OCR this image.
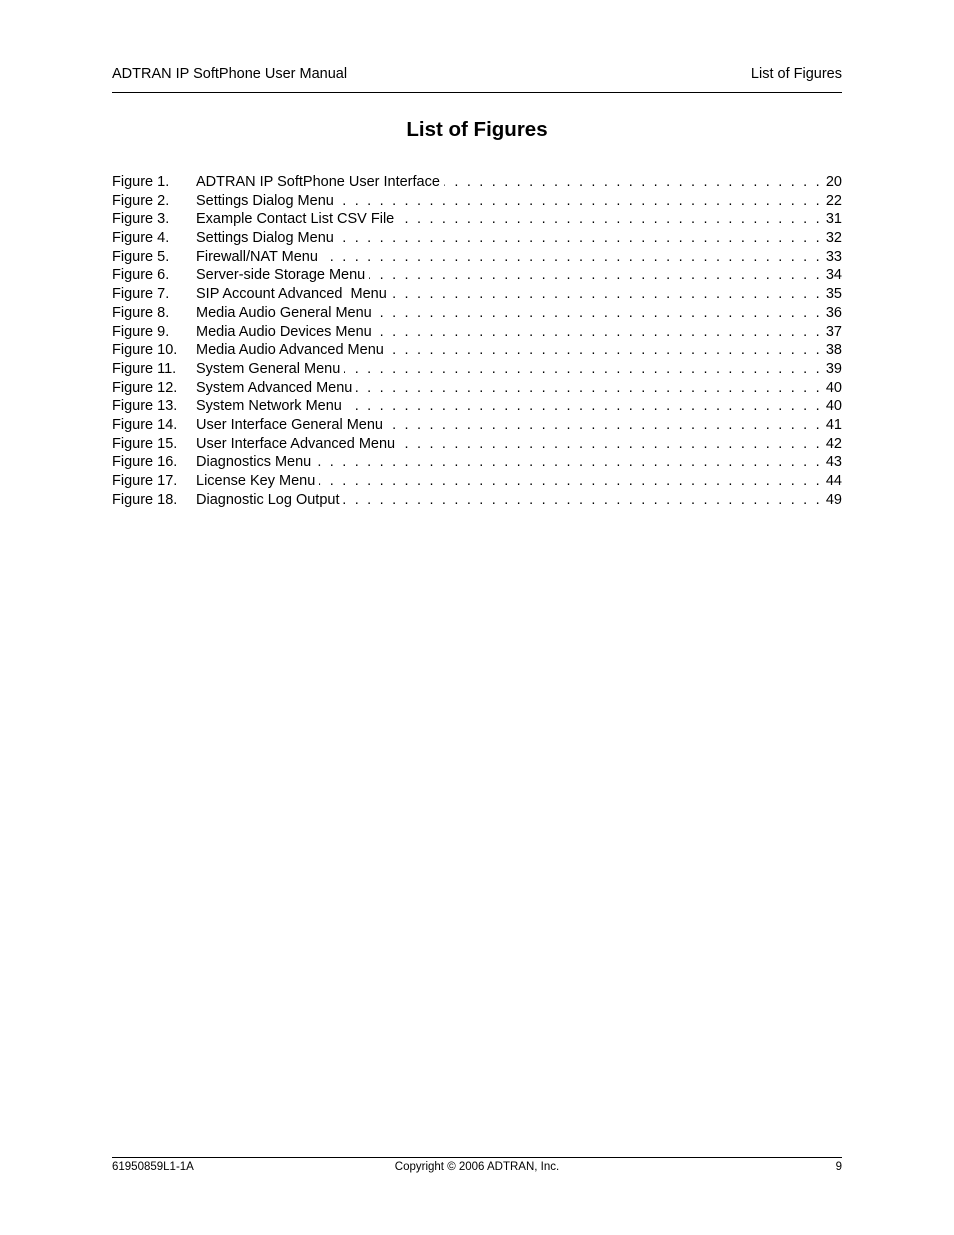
ADTRAN IP SoftPhone User Manual	List of Figures
List of Figures
Figure 1.	ADTRAN IP SoftPhone User Interface . . .	20
Figure 2.	Settings Dialog Menu . . .	22
Figure 3.	Example Contact List CSV File . . .	31
Figure 4.	Settings Dialog Menu . . .	32
Figure 5.	Firewall/NAT Menu . . .	33
Figure 6.	Server-side Storage Menu . . .	34
Figure 7.	SIP Account Advanced  Menu . . .	35
Figure 8.	Media Audio General Menu . . .	36
Figure 9.	Media Audio Devices Menu . . .	37
Figure 10.	Media Audio Advanced Menu . . .	38
Figure 11.	System General Menu . . .	39
Figure 12.	System Advanced Menu . . .	40
Figure 13.	System Network Menu . . .	40
Figure 14.	User Interface General Menu . . .	41
Figure 15.	User Interface Advanced Menu . . .	42
Figure 16.	Diagnostics Menu . . .	43
Figure 17.	License Key Menu . . .	44
Figure 18.	Diagnostic Log Output . . .	49
61950859L1-1A	Copyright © 2006 ADTRAN, Inc.	9
